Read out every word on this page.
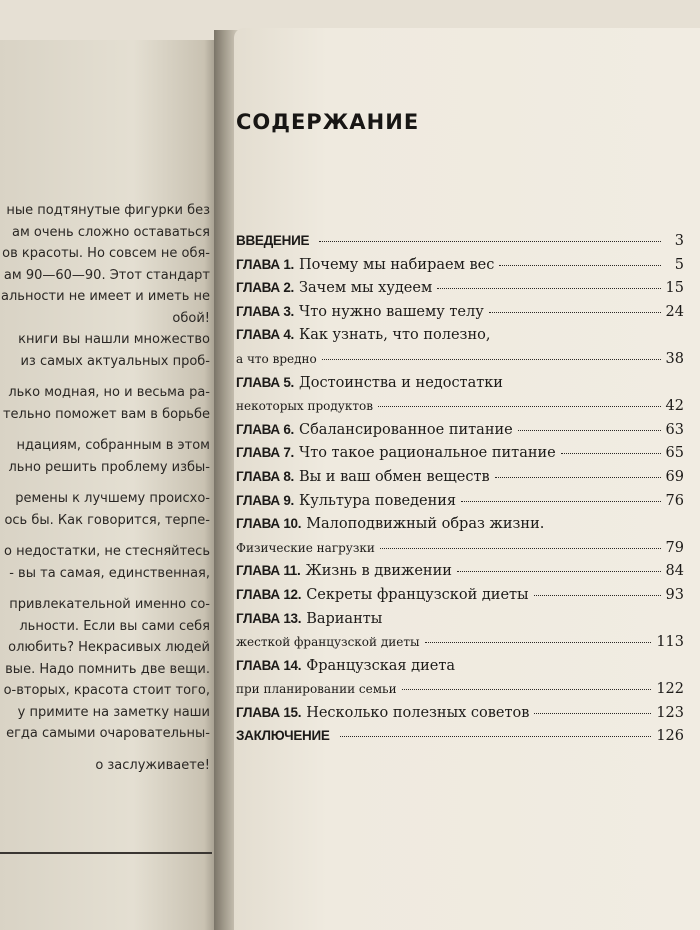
ные подтянутые фигурки без
ам очень сложно оставаться
ов красоты. Но совсем не обя-
ам 90—60—90. Этот стандарт
альности не имеет и иметь не
обой!
книги вы нашли множество
из самых актуальных проб-
лько модная, но и весьма ра-
тельно поможет вам в борьбе
ндациям, собранным в этом
льно решить проблему избы-
ремены к лучшему происхо-
ось бы. Как говорится, терпе-
о недостатки, не стесняйтесь
- вы та самая, единственная,
привлекательной именно со-
льности. Если вы сами себя
олюбить? Некрасивых людей
вые. Надо помнить две вещи.
о-вторых, красота стоит того,
у примите на заметку наши
егда самыми очаровательны-
о заслуживаете!
СОДЕРЖАНИЕ
ВВЕДЕНИЕ	3
ГЛАВА 1. Почему мы набираем вес	5
ГЛАВА 2. Зачем мы худеем	15
ГЛАВА 3. Что нужно вашему телу	24
ГЛАВА 4. Как узнать, что полезно,
а что вредно	38
ГЛАВА 5. Достоинства и недостатки
некоторых продуктов	42
ГЛАВА 6. Сбалансированное питание	63
ГЛАВА 7. Что такое рациональное питание	65
ГЛАВА 8. Вы и ваш обмен веществ	69
ГЛАВА 9. Культура поведения	76
ГЛАВА 10. Малоподвижный образ жизни.
Физические нагрузки	79
ГЛАВА 11. Жизнь в движении	84
ГЛАВА 12. Секреты французской диеты	93
ГЛАВА 13. Варианты
жесткой французской диеты	113
ГЛАВА 14. Французская диета
при планировании семьи	122
ГЛАВА 15. Несколько полезных советов	123
ЗАКЛЮЧЕНИЕ	126
